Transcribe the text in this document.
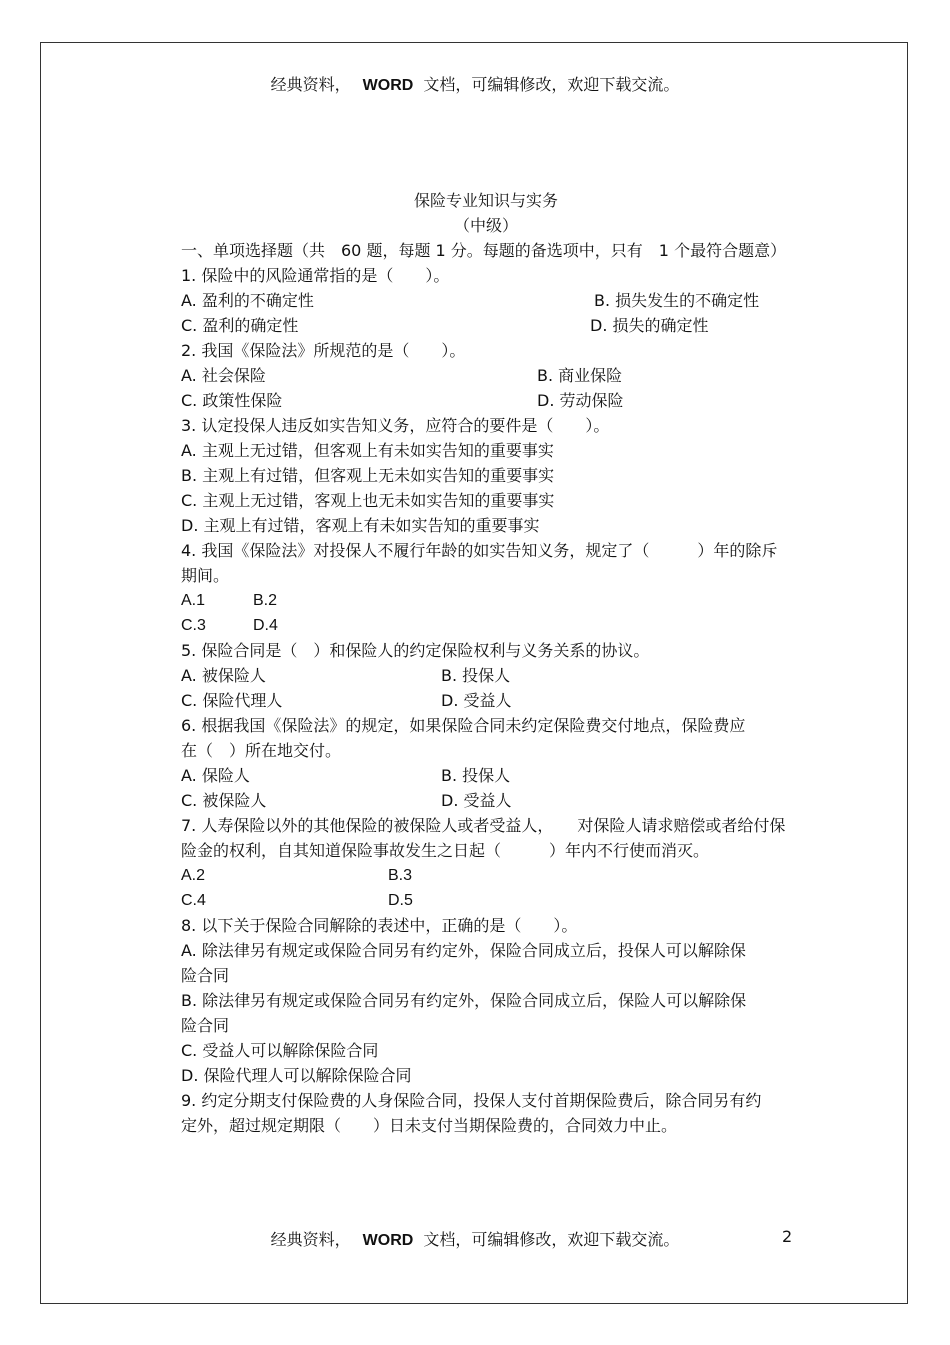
经典资料， WORD 文档，可编辑修改，欢迎下载交流。
保险专业知识与实务
（中级）
一、单项选择题（共　60 题，每题 1 分。每题的备选项中，只有　1 个最符合题意）
1. 保险中的风险通常指的是（　　）。
A. 盈利的不确定性	B. 损失发生的不确定性
C. 盈利的确定性	D. 损失的确定性
2. 我国《保险法》所规范的是（　　）。
A. 社会保险	B. 商业保险
C. 政策性保险	D. 劳动保险
3. 认定投保人违反如实告知义务，应符合的要件是（　　）。
A. 主观上无过错，但客观上有未如实告知的重要事实
B. 主观上有过错，但客观上无未如实告知的重要事实
C. 主观上无过错，客观上也无未如实告知的重要事实
D. 主观上有过错，客观上有未如实告知的重要事实
4. 我国《保险法》对投保人不履行年龄的如实告知义务，规定了（　　　）年的除斥期间。
A.1	B.2
C.3	D.4
5. 保险合同是（　）和保险人的约定保险权利与义务关系的协议。
A. 被保险人	B. 投保人
C. 保险代理人	D. 受益人
6. 根据我国《保险法》的规定，如果保险合同未约定保险费交付地点，保险费应在（　）所在地交付。
A. 保险人	B. 投保人
C. 被保险人	D. 受益人
7. 人寿保险以外的其他保险的被保险人或者受益人，　　对保险人请求赔偿或者给付保险金的权利，自其知道保险事故发生之日起（　　　）年内不行使而消灭。
A.2	B.3
C.4	D.5
8. 以下关于保险合同解除的表述中，正确的是（　　）。
A. 除法律另有规定或保险合同另有约定外，保险合同成立后，投保人可以解除保险合同
B. 除法律另有规定或保险合同另有约定外，保险合同成立后，保险人可以解除保险合同
C. 受益人可以解除保险合同
D. 保险代理人可以解除保险合同
9. 约定分期支付保险费的人身保险合同，投保人支付首期保险费后，除合同另有约定外，超过规定期限（　　）日未支付当期保险费的，合同效力中止。
经典资料， WORD 文档，可编辑修改，欢迎下载交流。	2
